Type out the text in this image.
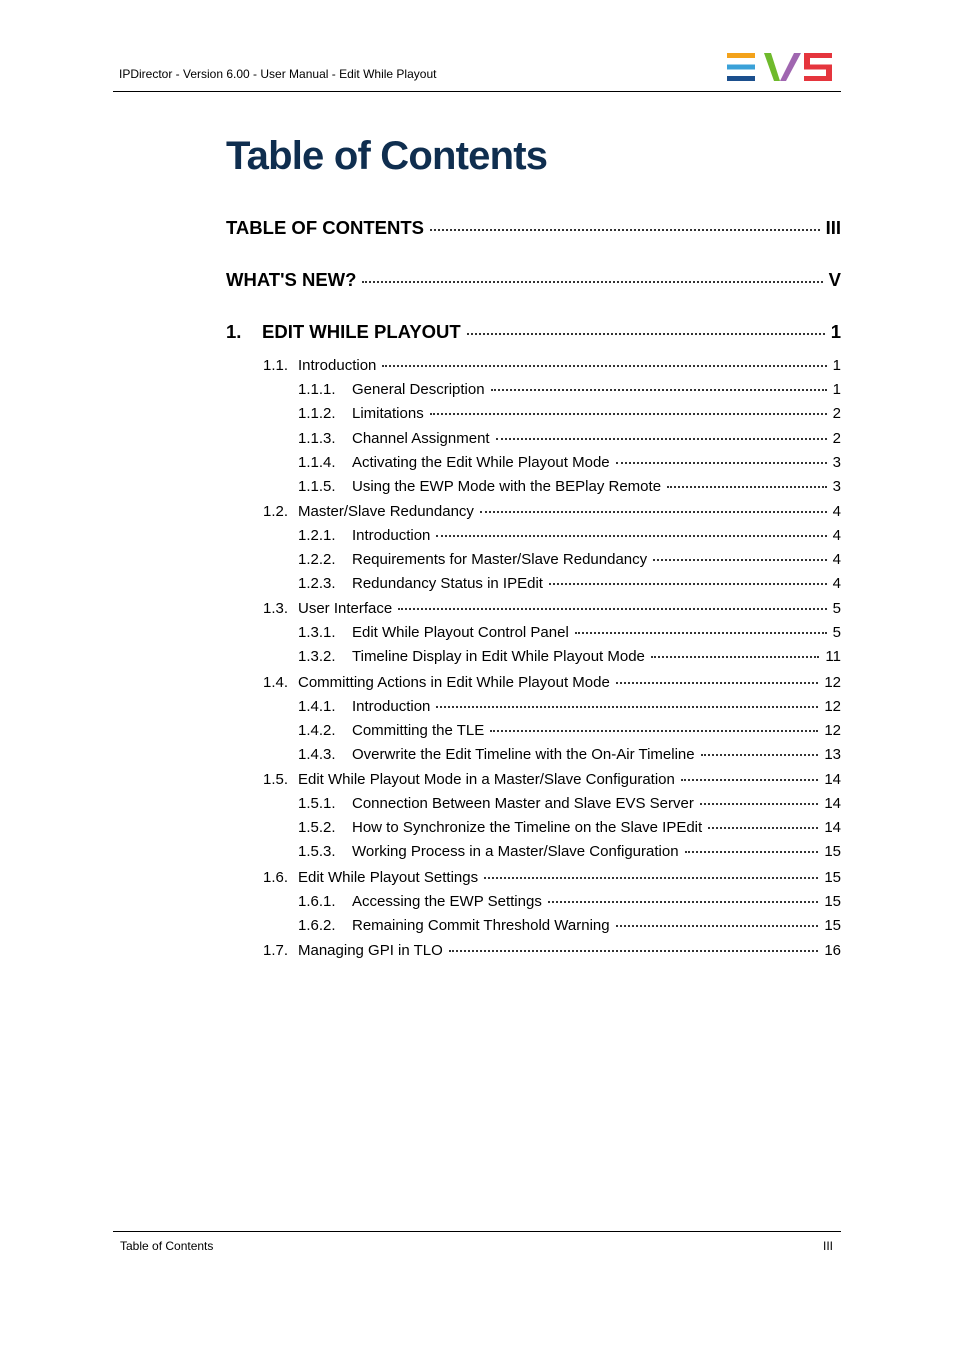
IPDirector - Version 6.00 - User Manual - Edit While Playout
Table of Contents
TABLE OF CONTENTS	III
WHAT'S NEW?	V
1.	EDIT WHILE PLAYOUT	1
1.1. Introduction	1
1.1.1.	General Description	1
1.1.2.	Limitations	2
1.1.3.	Channel Assignment	2
1.1.4.	Activating the Edit While Playout Mode	3
1.1.5.	Using the EWP Mode with the BEPlay Remote	3
1.2. Master/Slave Redundancy	4
1.2.1.	Introduction	4
1.2.2.	Requirements for Master/Slave Redundancy	4
1.2.3.	Redundancy Status in IPEdit	4
1.3. User Interface	5
1.3.1.	Edit While Playout Control Panel	5
1.3.2.	Timeline Display in Edit While Playout Mode	11
1.4. Committing Actions in Edit While Playout Mode	12
1.4.1.	Introduction	12
1.4.2.	Committing the TLE	12
1.4.3.	Overwrite the Edit Timeline with the On-Air Timeline	13
1.5. Edit While Playout Mode in a Master/Slave Configuration	14
1.5.1.	Connection Between Master and Slave EVS Server	14
1.5.2.	How to Synchronize the Timeline on the Slave IPEdit	14
1.5.3.	Working Process in a Master/Slave Configuration	15
1.6. Edit While Playout Settings	15
1.6.1.	Accessing the EWP Settings	15
1.6.2.	Remaining Commit Threshold Warning	15
1.7. Managing GPI in TLO	16
Table of Contents	III
